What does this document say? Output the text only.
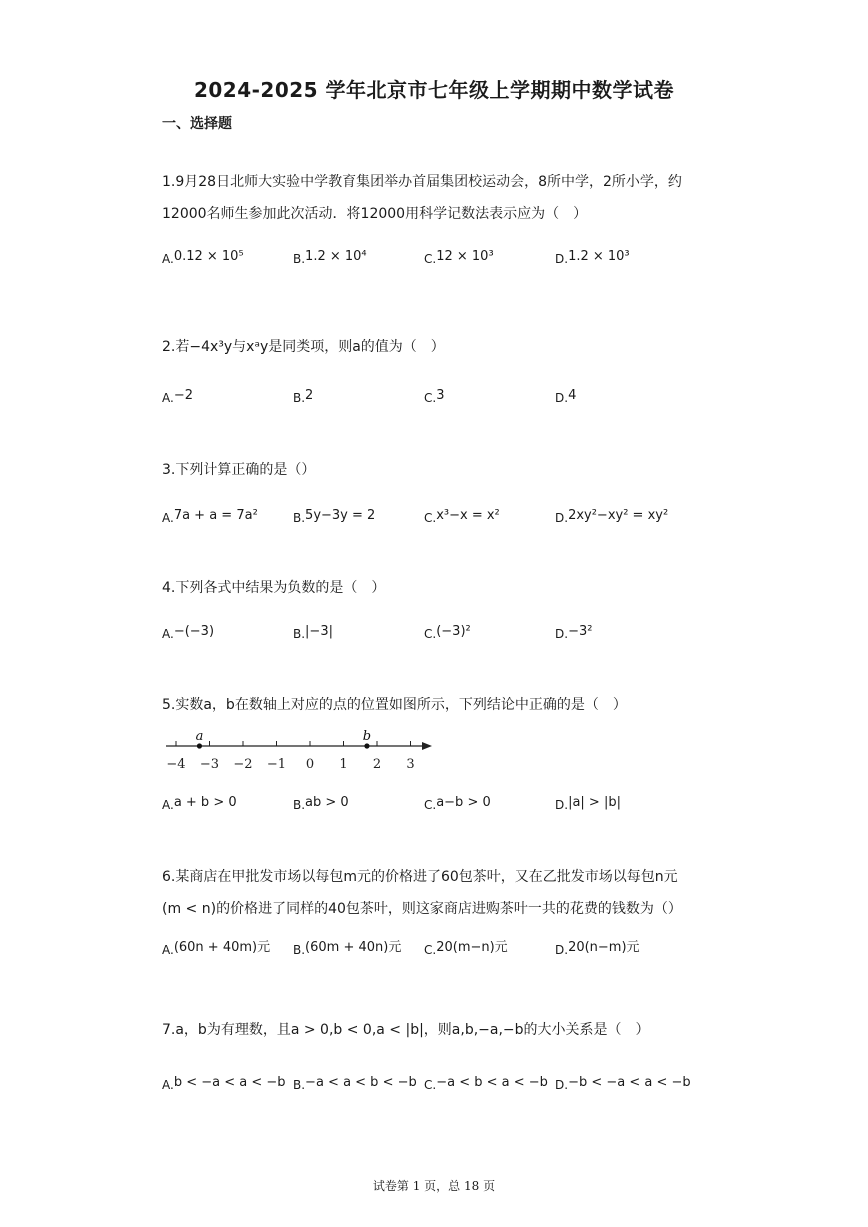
2024-2025 学年北京市七年级上学期期中数学试卷
一、选择题
1.9月28日北师大实验中学教育集团举办首届集团校运动会，8所中学，2所小学，约
12000名师生参加此次活动．将12000用科学记数法表示应为（　）
A.0.12 × 10⁵	B.1.2 × 10⁴	C.12 × 10³	D.1.2 × 10³
2.若−4x³y与xᵃy是同类项，则a的值为（　）
A.−2	B.2	C.3	D.4
3.下列计算正确的是（）
A.7a + a = 7a²	B.5y−3y = 2	C.x³−x = x²	D.2xy²−xy² = xy²
4.下列各式中结果为负数的是（　）
A.−(−3)	B.|−3|	C.(−3)²	D.−3²
5.实数a，b在数轴上对应的点的位置如图所示，下列结论中正确的是（　）
−4 −3 −2 −1 0 1 2 3
a	b
A.a + b > 0	B.ab > 0	C.a−b > 0	D.|a| > |b|
6.某商店在甲批发市场以每包m元的价格进了60包茶叶，又在乙批发市场以每包n元
(m < n)的价格进了同样的40包茶叶，则这家商店进购茶叶一共的花费的钱数为（）
A.(60n + 40m)元 B.(60m + 40n)元 C.20(m−n)元	D.20(n−m)元
7.a，b为有理数，且a > 0,b < 0,a < |b|，则a,b,−a,−b的大小关系是（　）
A.b < −a < a < −b B.−a < a < b < −b C.−a < b < a < −b D.−b < −a < a < −b
试卷第 1 页，总 18 页
